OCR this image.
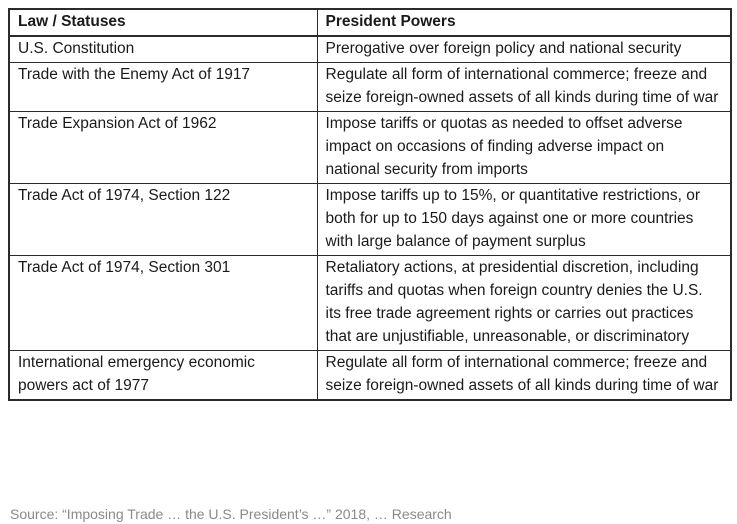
Law / Statuses	President Powers
U.S. Constitution	Prerogative over foreign policy and national security
Trade with the Enemy Act of 1917	Regulate all form of international commerce; freeze and seize foreign-owned assets of all kinds during time of war
Trade Expansion Act of 1962	Impose tariffs or quotas as needed to offset adverse impact on occasions of finding adverse impact on national security from imports
Trade Act of 1974, Section 122	Impose tariffs up to 15%, or quantitative restrictions, or both for up to 150 days against one or more countries with large balance of payment surplus
Trade Act of 1974, Section 301	Retaliatory actions, at presidential discretion, including tariffs and quotas when foreign country denies the U.S. its free trade agreement rights or carries out practices that are unjustifiable, unreasonable, or discriminatory
International emergency economic powers act of 1977	Regulate all form of international commerce; freeze and seize foreign-owned assets of all kinds during time of war
Source: “Imposing Trade … the U.S. President’s …” 2018, … Research
